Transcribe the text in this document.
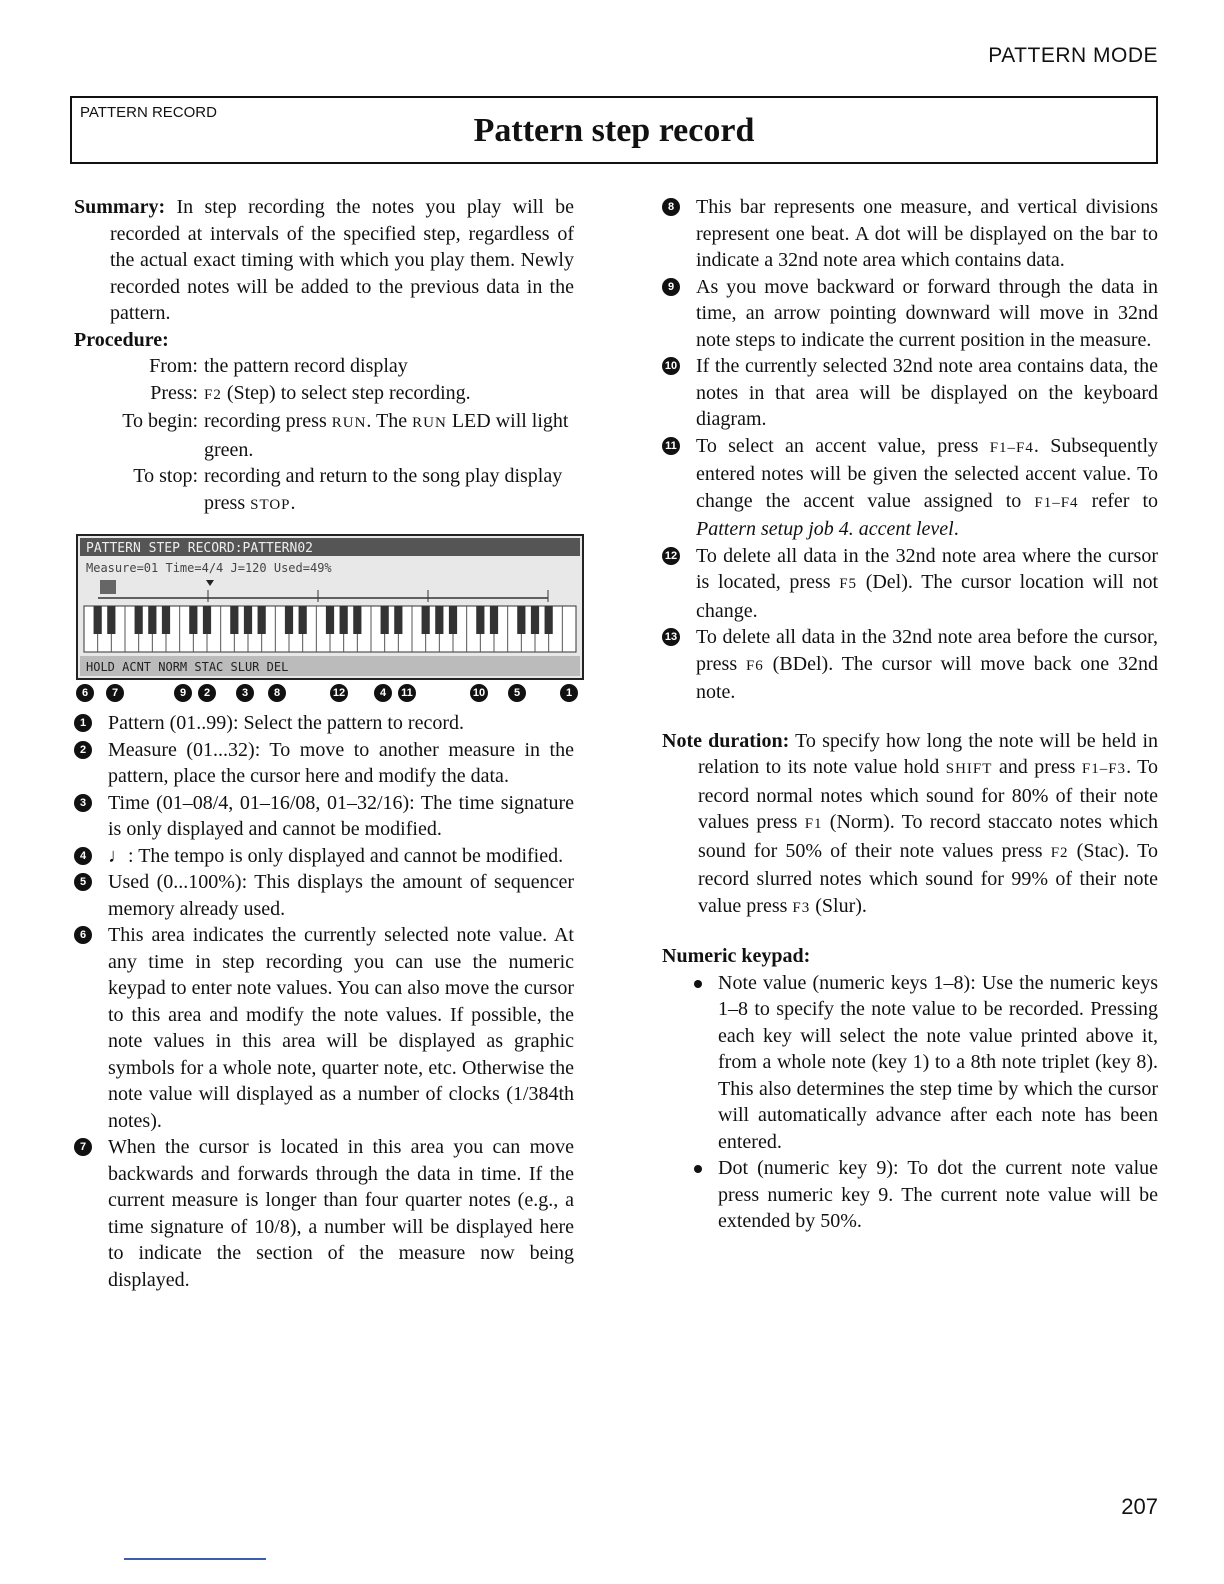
PATTERN MODE
PATTERN RECORD	Pattern step record

Summary: In step recording the notes you play will be recorded at intervals of the specified step, regardless of the actual exact timing with which you play them. Newly recorded notes will be added to the previous data in the pattern.

Procedure:

From: the pattern record display
Press: F2 (Step) to select step recording.
To begin: recording press RUN. The RUN LED will light green.
To stop: recording and return to the song play display press STOP.
PATTERN STEP RECORD:PATTERN02
Measure=01 Time=4/4 J=120 Used=49%
HOLD ACNT NORM STAC SLUR DEL
6	7	9	2	3	8	12	4	11	10	5	1

1 Pattern (01..99): Select the pattern to record.

2 Measure (01...32): To move to another measure in the pattern, place the cursor here and modify the data.

3 Time (01–08/4, 01–16/08, 01–32/16): The time signature is only displayed and cannot be modified.

4 ♩: The tempo is only displayed and cannot be modified.

5 Used (0...100%): This displays the amount of sequencer memory already used.

6 This area indicates the currently selected note value. At any time in step recording you can use the numeric keypad to enter note values. You can also move the cursor to this area and modify the note values. If possible, the note values in this area will be displayed as graphic symbols for a whole note, quarter note, etc. Otherwise the note value will displayed as a number of clocks (1/384th notes).

7 When the cursor is located in this area you can move backwards and forwards through the data in time. If the current measure is longer than four quarter notes (e.g., a time signature of 10/8), a number will be displayed here to indicate the section of the measure now being displayed.

8 This bar represents one measure, and vertical divisions represent one beat. A dot will be displayed on the bar to indicate a 32nd note area which contains data.

9 As you move backward or forward through the data in time, an arrow pointing downward will move in 32nd note steps to indicate the current position in the measure.

10 If the currently selected 32nd note area contains data, the notes in that area will be displayed on the keyboard diagram.

11 To select an accent value, press F1–F4. Subsequently entered notes will be given the selected accent value. To change the accent value assigned to F1–F4 refer to Pattern setup job 4. accent level.

12 To delete all data in the 32nd note area where the cursor is located, press F5 (Del). The cursor location will not change.

13 To delete all data in the 32nd note area before the cursor, press F6 (BDel). The cursor will move back one 32nd note.

Note duration: To specify how long the note will be held in relation to its note value hold SHIFT and press F1–F3. To record normal notes which sound for 80% of their note values press F1 (Norm). To record staccato notes which sound for 50% of their note values press F2 (Stac). To record slurred notes which sound for 99% of their note value press F3 (Slur).

Numeric keypad:

Note value (numeric keys 1–8): Use the numeric keys 1–8 to specify the note value to be recorded. Pressing each key will select the note value printed above it, from a whole note (key 1) to a 8th note triplet (key 8). This also determines the step time by which the cursor will automatically advance after each note has been entered.

Dot (numeric key 9): To dot the current note value press numeric key 9. The current note value will be extended by 50%.

207
